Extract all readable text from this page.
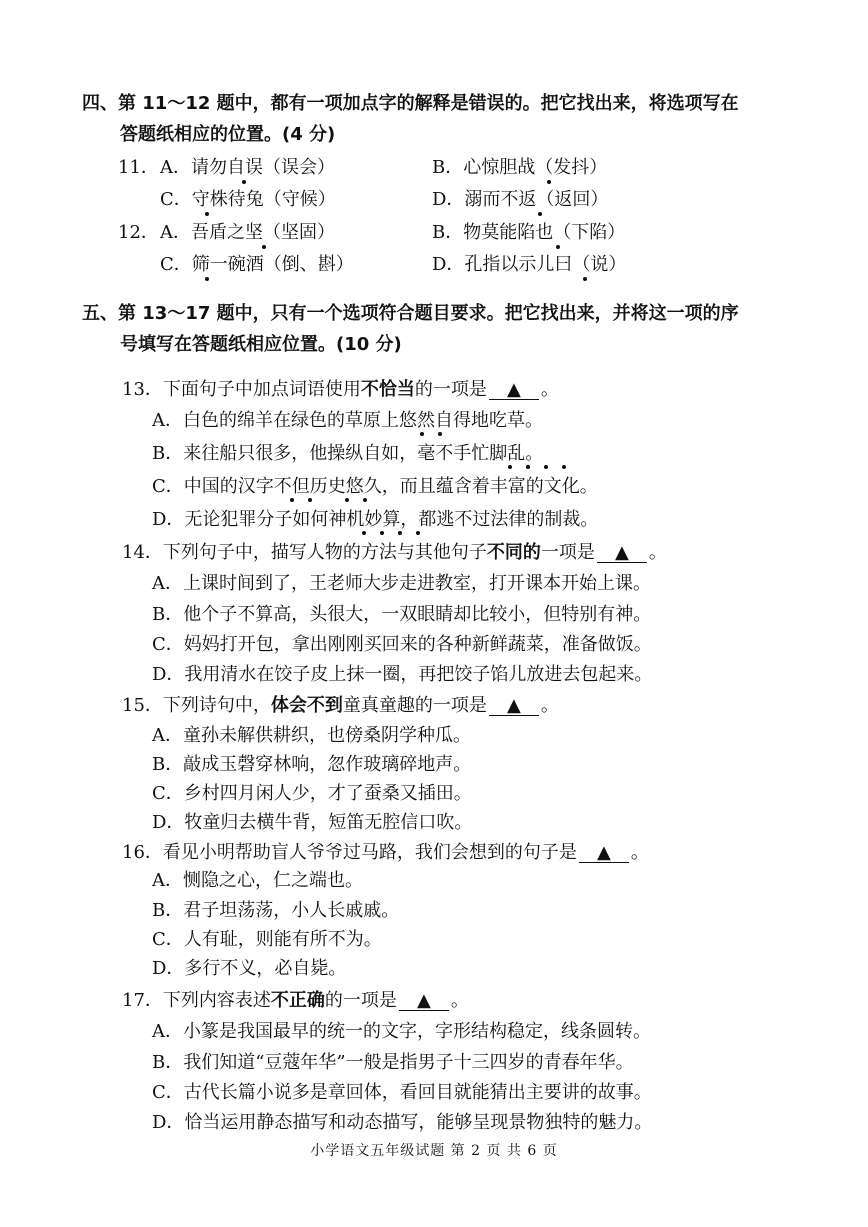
四、第 11～12 题中，都有一项加点字的解释是错误的。把它找出来，将选项写在
答题纸相应的位置。(4 分)
11． A．请勿自误（误会）	B．心惊胆战（发抖）
C．守株待兔（守候）	D．溺而不返（返回）
12． A．吾盾之坚（坚固）	B．物莫能陷也（下陷）
C．筛一碗酒（倒、斟）	D．孔指以示儿曰（说）
五、第 13～17 题中，只有一个选项符合题目要求。把它找出来，并将这一项的序
号填写在答题纸相应位置。(10 分)
13．下面句子中加点词语使用不恰当的一项是 ▲ 。
A．白色的绵羊在绿色的草原上悠然自得地吃草。
B．来往船只很多，他操纵自如，毫不手忙脚乱。
C．中国的汉字不但历史悠久，而且蕴含着丰富的文化。
D．无论犯罪分子如何神机妙算，都逃不过法律的制裁。
14．下列句子中，描写人物的方法与其他句子不同的一项是 ▲ 。
A．上课时间到了，王老师大步走进教室，打开课本开始上课。
B．他个子不算高，头很大，一双眼睛却比较小，但特别有神。
C．妈妈打开包，拿出刚刚买回来的各种新鲜蔬菜，准备做饭。
D．我用清水在饺子皮上抹一圈，再把饺子馅儿放进去包起来。
15．下列诗句中，体会不到童真童趣的一项是 ▲ 。
A．童孙未解供耕织，也傍桑阴学种瓜。
B．敲成玉磬穿林响，忽作玻璃碎地声。
C．乡村四月闲人少，才了蚕桑又插田。
D．牧童归去横牛背，短笛无腔信口吹。
16．看见小明帮助盲人爷爷过马路，我们会想到的句子是 ▲ 。
A．恻隐之心，仁之端也。
B．君子坦荡荡，小人长戚戚。
C．人有耻，则能有所不为。
D．多行不义，必自毙。
17．下列内容表述不正确的一项是 ▲ 。
A．小篆是我国最早的统一的文字，字形结构稳定，线条圆转。
B．我们知道“豆蔻年华”一般是指男子十三四岁的青春年华。
C．古代长篇小说多是章回体，看回目就能猜出主要讲的故事。
D．恰当运用静态描写和动态描写，能够呈现景物独特的魅力。
小学语文五年级试题 第 2 页 共 6 页
